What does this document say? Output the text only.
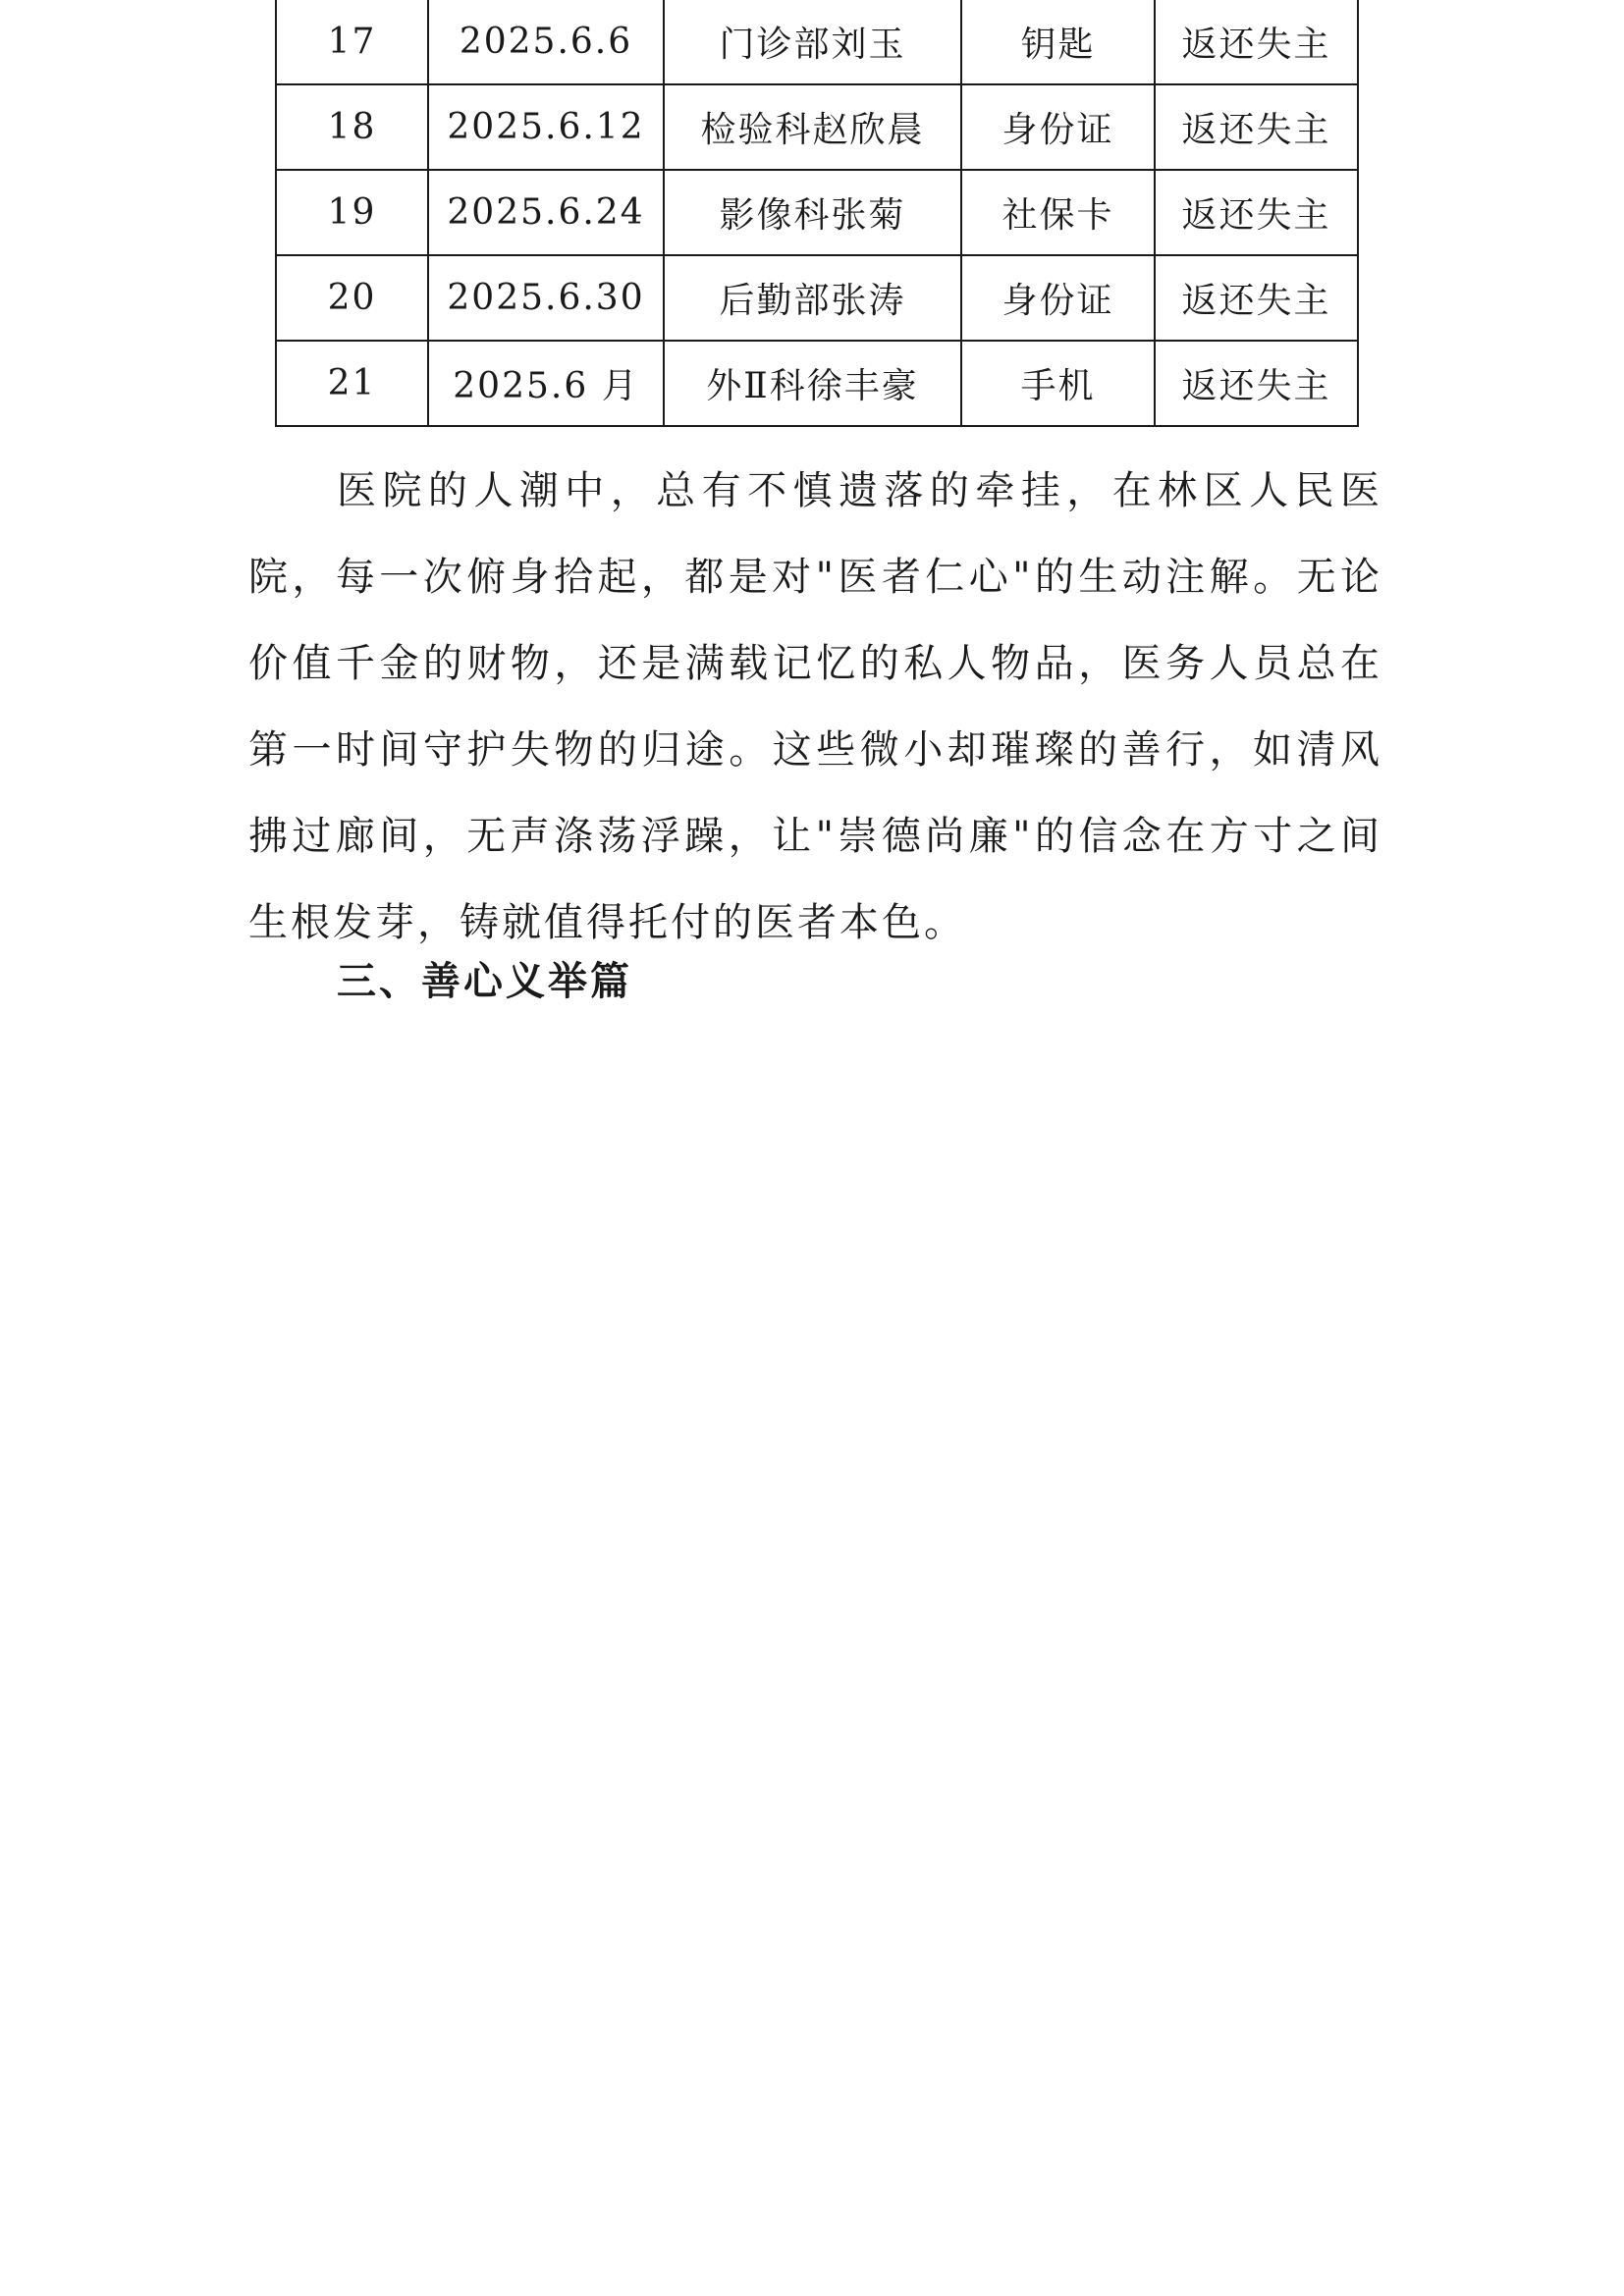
17	2025.6.6	门诊部刘玉	钥匙	返还失主
18	2025.6.12	检验科赵欣晨	身份证	返还失主
19	2025.6.24	影像科张菊	社保卡	返还失主
20	2025.6.30	后勤部张涛	身份证	返还失主
21	2025.6 月	外Ⅱ科徐丰豪	手机	返还失主

医院的人潮中，总有不慎遗落的牵挂，在林区人民医院，每一次俯身拾起，都是对"医者仁心"的生动注解。无论价值千金的财物，还是满载记忆的私人物品，医务人员总在第一时间守护失物的归途。这些微小却璀璨的善行，如清风拂过廊间，无声涤荡浮躁，让"崇德尚廉"的信念在方寸之间生根发芽，铸就值得托付的医者本色。

三、善心义举篇
